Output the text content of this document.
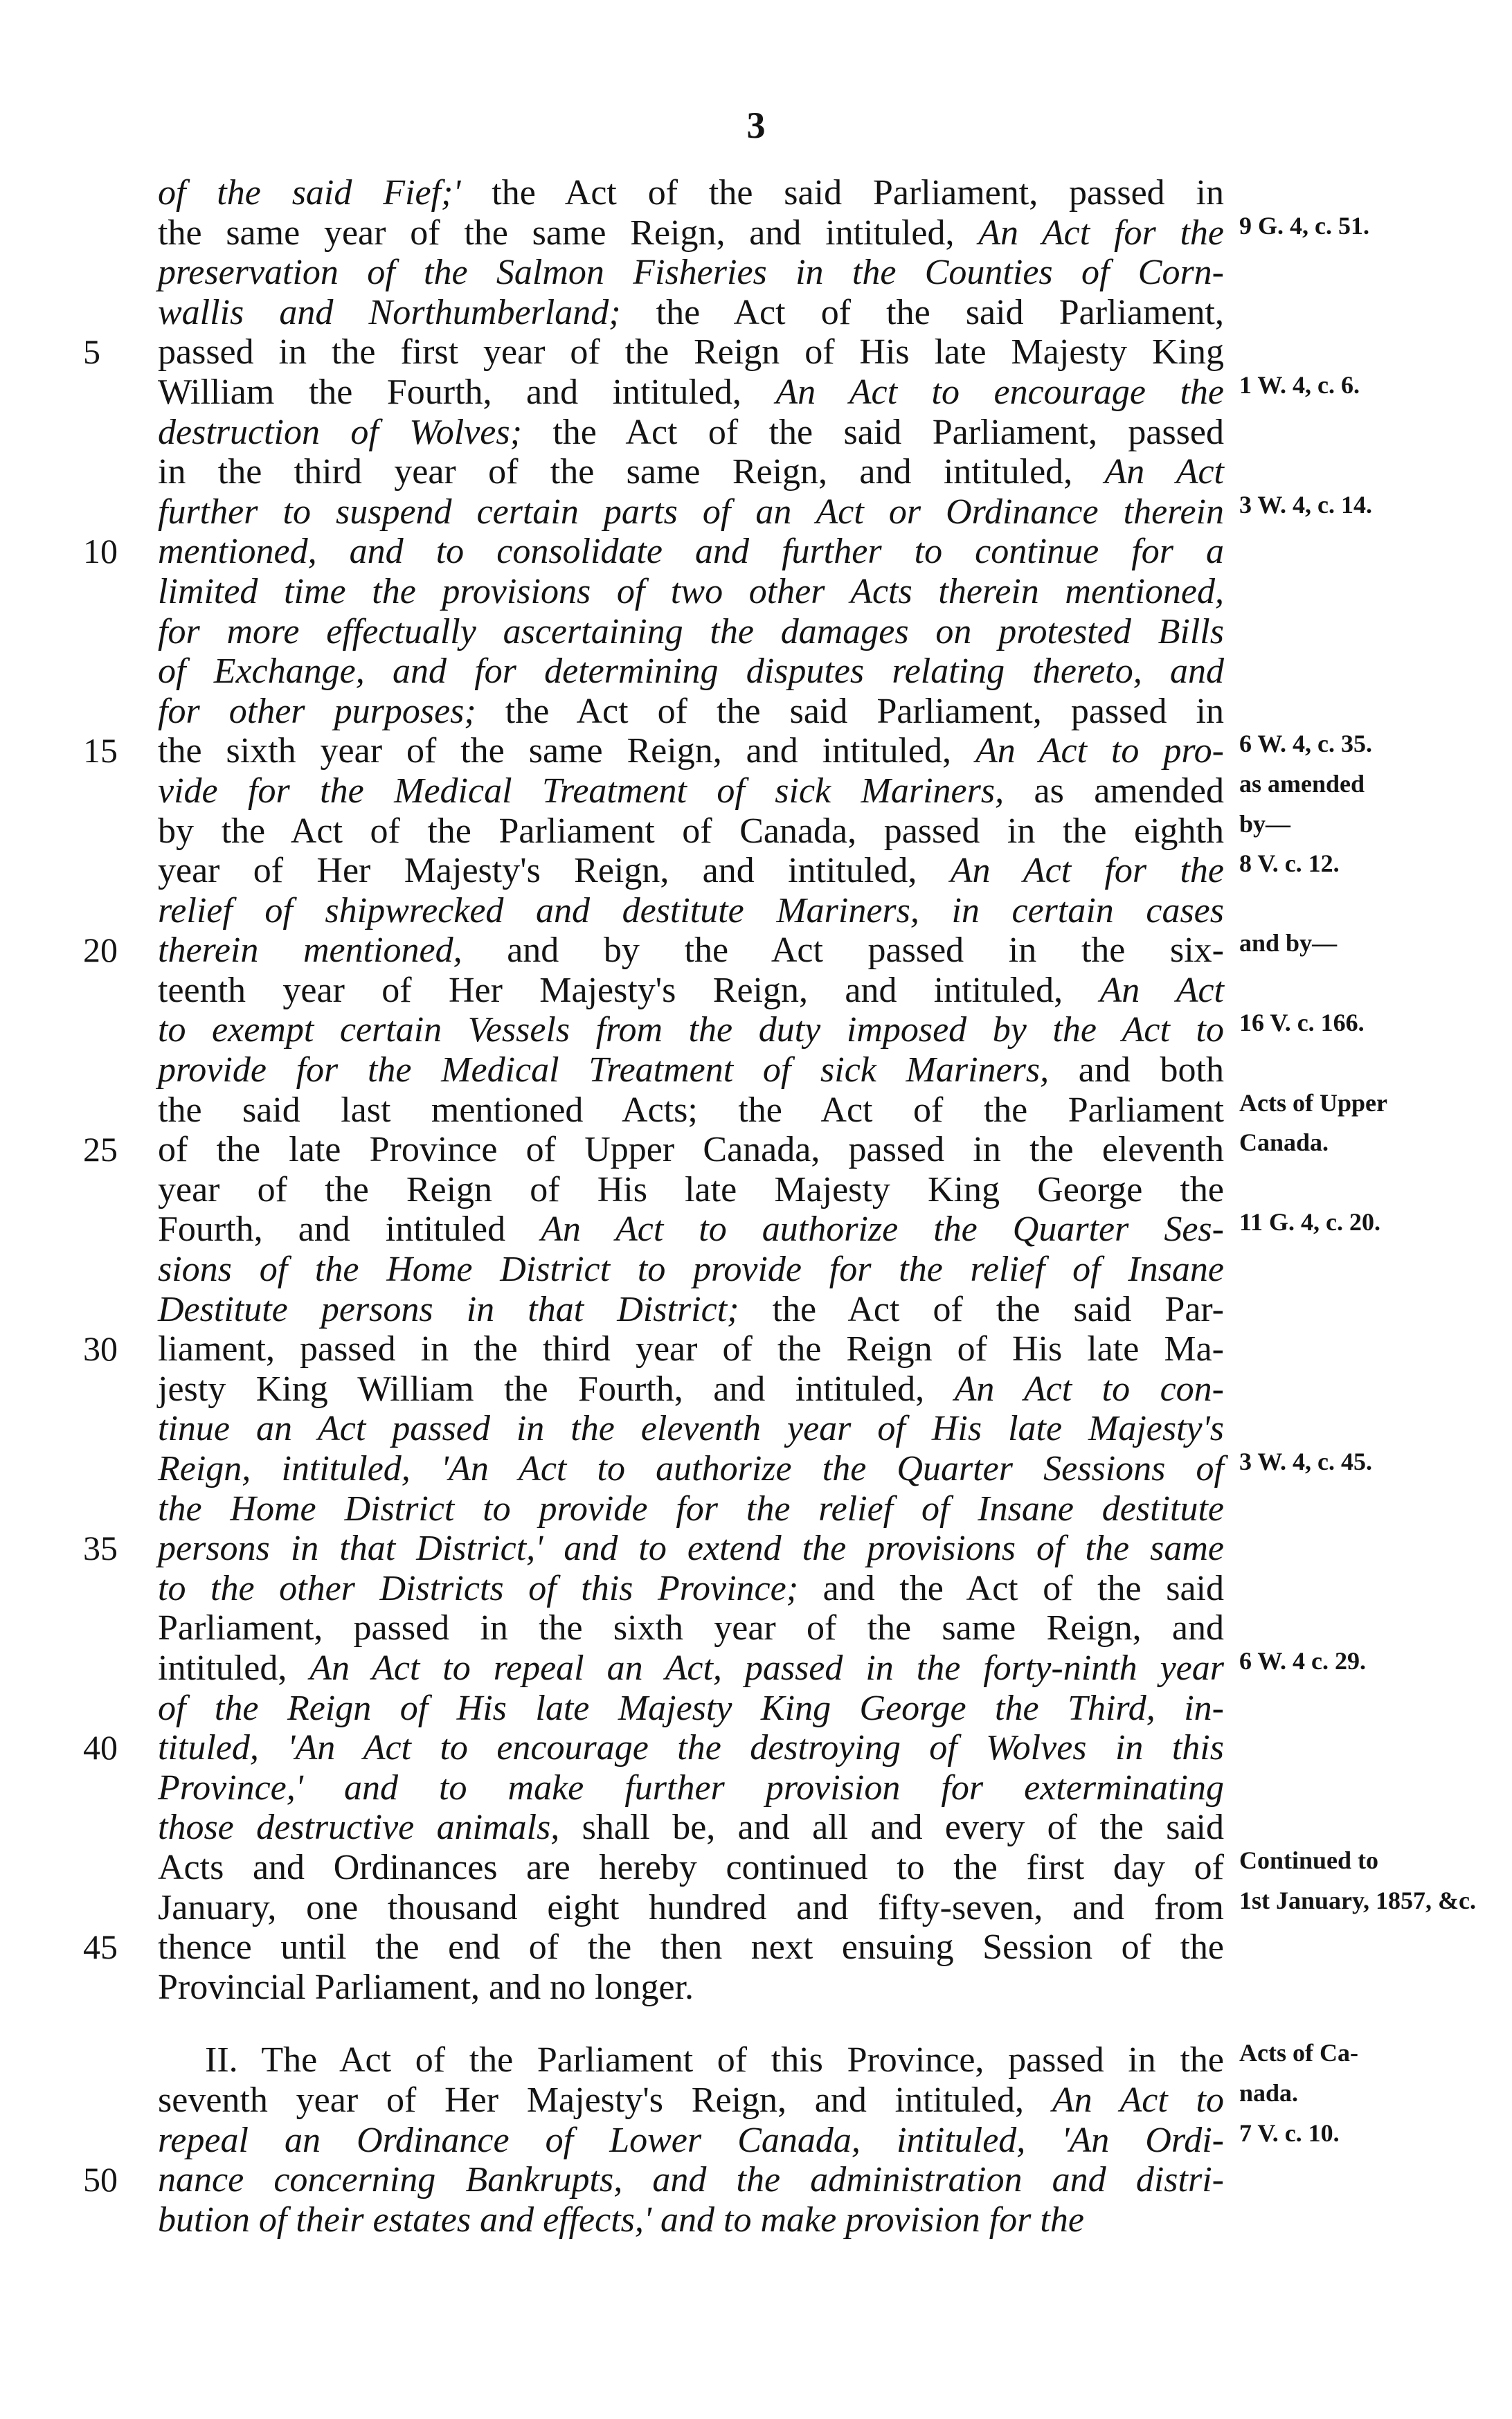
3
of the said Fief;' the Act of the said Parliament, passed in
the same year of the same Reign, and intituled, An Act for the 9 G. 4, c. 51.
preservation of the Salmon Fisheries in the Counties of Corn-
wallis and Northumberland; the Act of the said Parliament,
5	passed in the first year of the Reign of His late Majesty King
William the Fourth, and intituled, An Act to encourage the 1 W. 4, c. 6.
destruction of Wolves; the Act of the said Parliament, passed
in the third year of the same Reign, and intituled, An Act
further to suspend certain parts of an Act or Ordinance therein 3 W. 4, c. 14.
10	mentioned, and to consolidate and further to continue for a
limited time the provisions of two other Acts therein mentioned,
for more effectually ascertaining the damages on protested Bills
of Exchange, and for determining disputes relating thereto, and
for other purposes; the Act of the said Parliament, passed in
15	the sixth year of the same Reign, and intituled, An Act to pro- 6 W. 4, c. 35.
vide for the Medical Treatment of sick Mariners, as amended as amended
by the Act of the Parliament of Canada, passed in the eighth by—
year of Her Majesty's Reign, and intituled, An Act for the 8 V. c. 12.
relief of shipwrecked and destitute Mariners, in certain cases
20	therein mentioned, and by the Act passed in the six- and by—
teenth year of Her Majesty's Reign, and intituled, An Act
to exempt certain Vessels from the duty imposed by the Act to 16 V. c. 166.
provide for the Medical Treatment of sick Mariners, and both
the said last mentioned Acts; the Act of the Parliament Acts of Upper
25	of the late Province of Upper Canada, passed in the eleventh Canada.
year of the Reign of His late Majesty King George the
Fourth, and intituled An Act to authorize the Quarter Ses- 11 G. 4, c. 20.
sions of the Home District to provide for the relief of Insane
Destitute persons in that District; the Act of the said Par-
30	liament, passed in the third year of the Reign of His late Ma-
jesty King William the Fourth, and intituled, An Act to con-
tinue an Act passed in the eleventh year of His late Majesty's
Reign, intituled, 'An Act to authorize the Quarter Sessions of 3 W. 4, c. 45.
the Home District to provide for the relief of Insane destitute
35	persons in that District,' and to extend the provisions of the same
to the other Districts of this Province; and the Act of the said
Parliament, passed in the sixth year of the same Reign, and
intituled, An Act to repeal an Act, passed in the forty-ninth year 6 W. 4 c. 29.
of the Reign of His late Majesty King George the Third, in-
40	tituled, 'An Act to encourage the destroying of Wolves in this
Province,' and to make further provision for exterminating
those destructive animals, shall be, and all and every of the said
Acts and Ordinances are hereby continued to the first day of Continued to
January, one thousand eight hundred and fifty-seven, and from 1st January, 1857, &c.
45	thence until the end of the then next ensuing Session of the
Provincial Parliament, and no longer.
II. The Act of the Parliament of this Province, passed in the Acts of Ca-
seventh year of Her Majesty's Reign, and intituled, An Act to nada.
repeal an Ordinance of Lower Canada, intituled, 'An Ordi- 7 V. c. 10.
50	nance concerning Bankrupts, and the administration and distri-
bution of their estates and effects,' and to make provision for the
